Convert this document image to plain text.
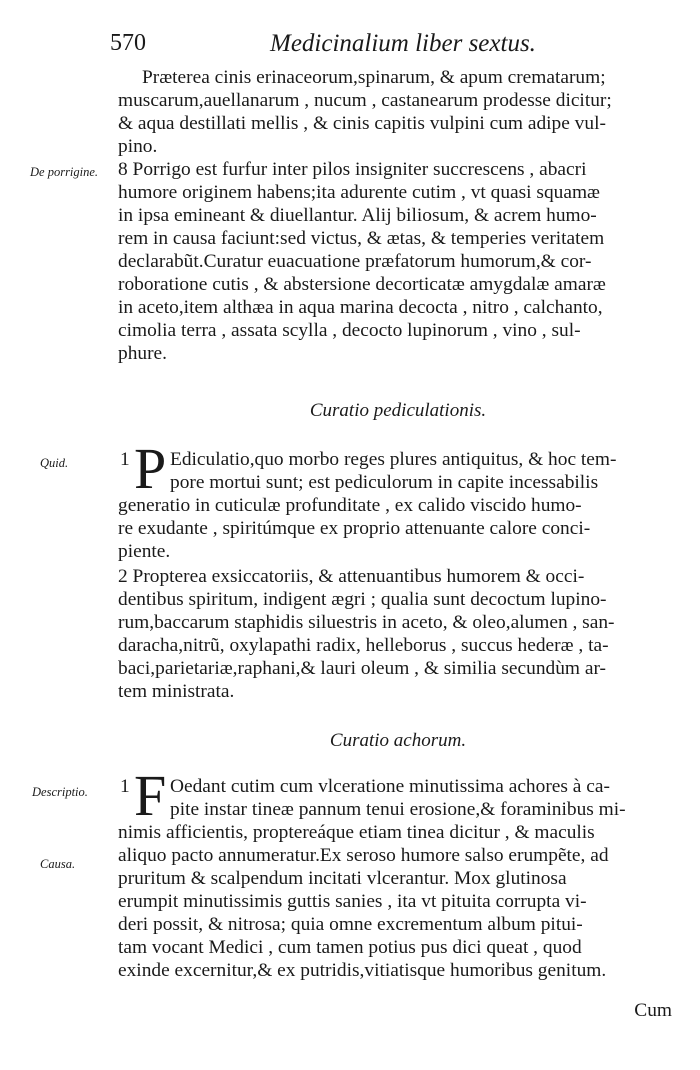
570	Medicinalium liber sextus.
Præterea cinis erinaceorum,spinarum, & apum crematarum;
muscarum,auellanarum , nucum , castanearum prodesse dicitur;
& aqua destillati mellis , & cinis capitis vulpini cum adipe vul-
pino.
De porrigine. 8 Porrigo est furfur inter pilos insigniter succrescens , abacri
humore originem habens;ita adurente cutim , vt quasi squamæ
in ipsa emineant & diuellantur. Alij biliosum, & acrem humo-
rem in causa faciunt:sed victus, & ætas, & temperies veritatem
declarabũt.Curatur euacuatione præfatorum humorum,& cor-
roboratione cutis , & abstersione decorticatæ amygdalæ amaræ
in aceto,item althæa in aqua marina decocta , nitro , calchanto,
cimolia terra , assata scylla , decocto lupinorum , vino , sul-
phure.
Curatio pediculationis.
Quid.	1 P Ediculatio,quo morbo reges plures antiquitus, & hoc tem-
pore mortui sunt; est pediculorum in capite incessabilis
generatio in cuticulæ profunditate , ex calido viscido humo-
re exudante , spiritúmque ex proprio attenuante calore conci-
piente.
2 Propterea exsiccatoriis, & attenuantibus humorem & occi-
dentibus spiritum, indigent ægri ; qualia sunt decoctum lupino-
rum,baccarum staphidis siluestris in aceto, & oleo,alumen , san-
daracha,nitrũ, oxylapathi radix, helleborus , succus hederæ , ta-
baci,parietariæ,raphani,& lauri oleum , & similia secundùm ar-
tem ministrata.
Curatio achorum.
Descriptio.
Causa.
1 F Oedant cutim cum vlceratione minutissima achores à ca-
pite instar tineæ pannum tenui erosione,& foraminibus mi-
nimis afficientis, proptereáque etiam tinea dicitur , & maculis
aliquo pacto annumeratur.Ex seroso humore salso erumpẽte, ad
pruritum & scalpendum incitati vlcerantur. Mox glutinosa
erumpit minutissimis guttis sanies , ita vt pituita corrupta vi-
deri possit, & nitrosa; quia omne excrementum album pitui-
tam vocant Medici , cum tamen potius pus dici queat , quod
exinde excernitur,& ex putridis,vitiatisque humoribus genitum.
Cum
